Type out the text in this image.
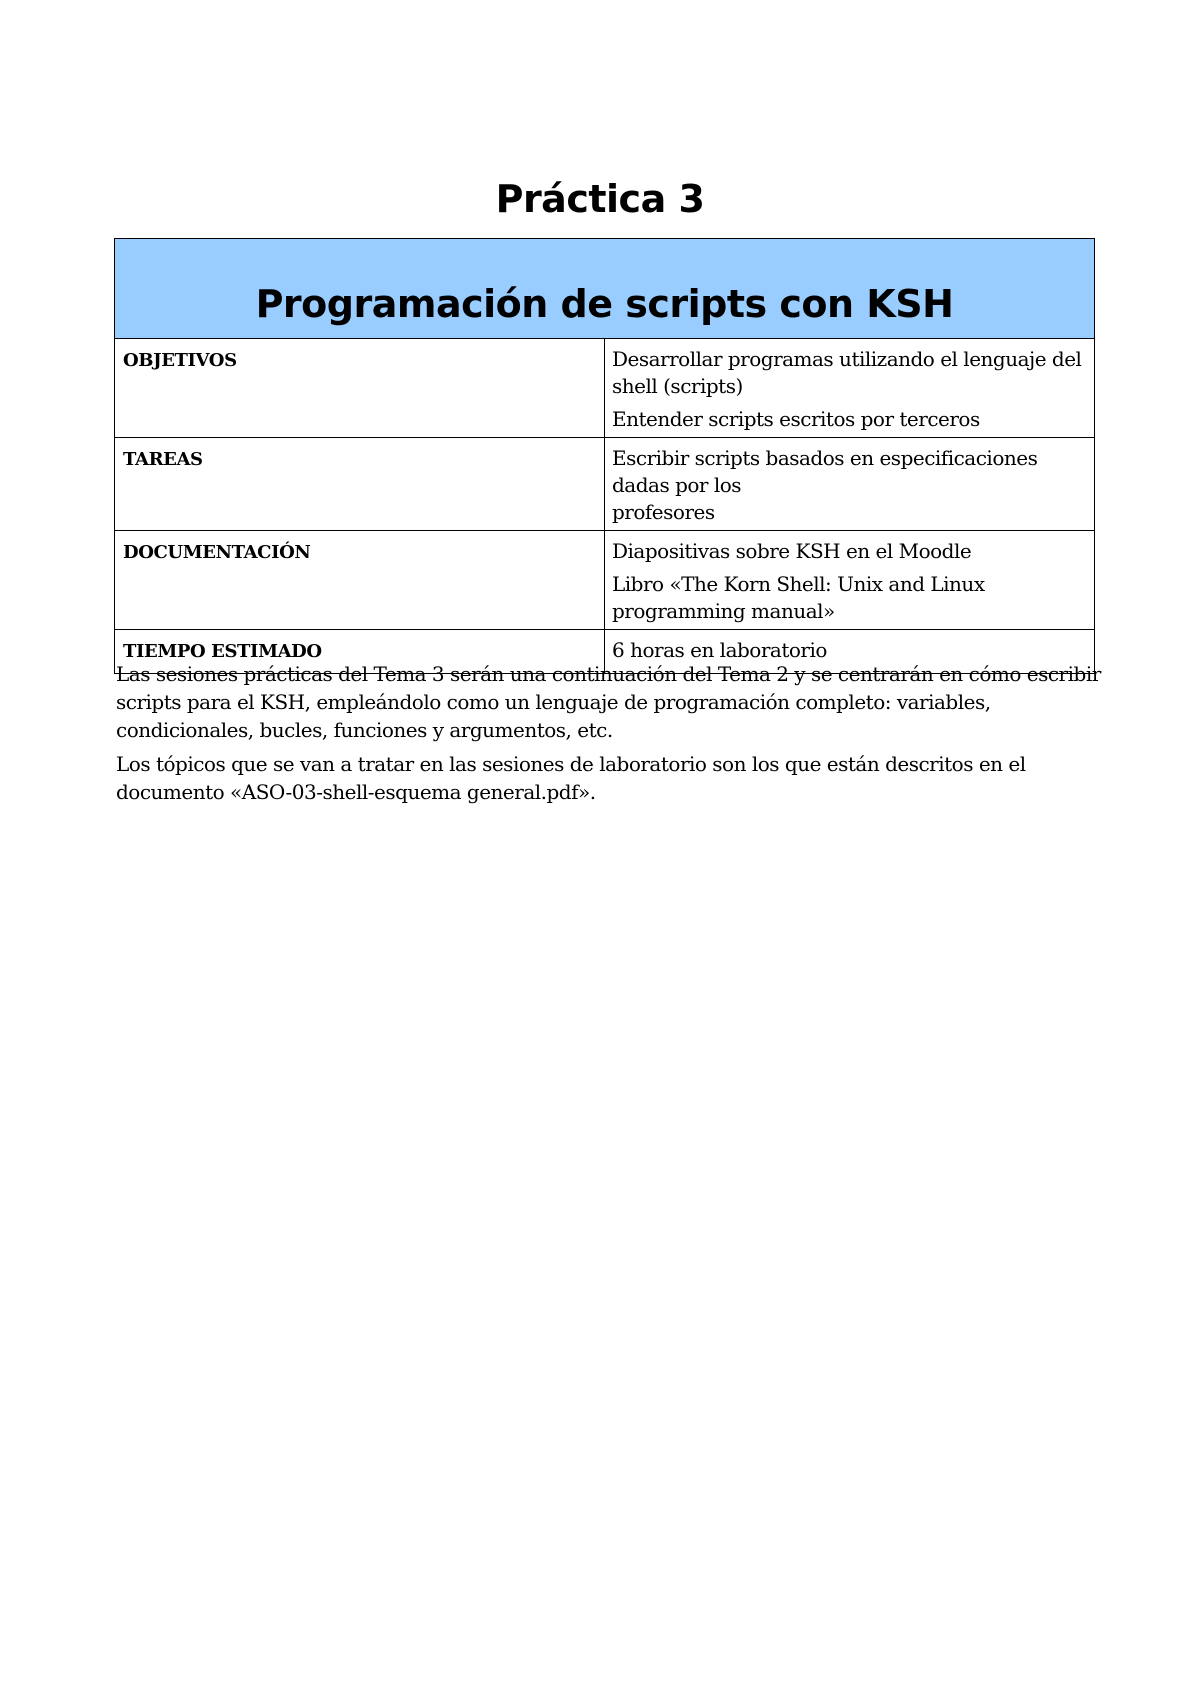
Práctica 3
Programación de scripts con KSH	
OBJETIVOS	Desarrollar programas utilizando el lenguaje del shell (scripts)
Entender scripts escritos por terceros

TAREAS	Escribir scripts basados en especificaciones dadas por los
profesores

DOCUMENTACIÓN	Diapositivas sobre KSH en el Moodle
Libro «The Korn Shell: Unix and Linux programming manual»

TIEMPO ESTIMADO	6 horas en laboratorio

Las sesiones prácticas del Tema 3 serán una continuación del Tema 2 y se centrarán en cómo escribir scripts para el KSH, empleándolo como un lenguaje de programación completo: variables, condicionales, bucles, funciones y argumentos, etc.

Los tópicos que se van a tratar en las sesiones de laboratorio son los que están descritos en el documento «ASO-03-shell-esquema general.pdf».
